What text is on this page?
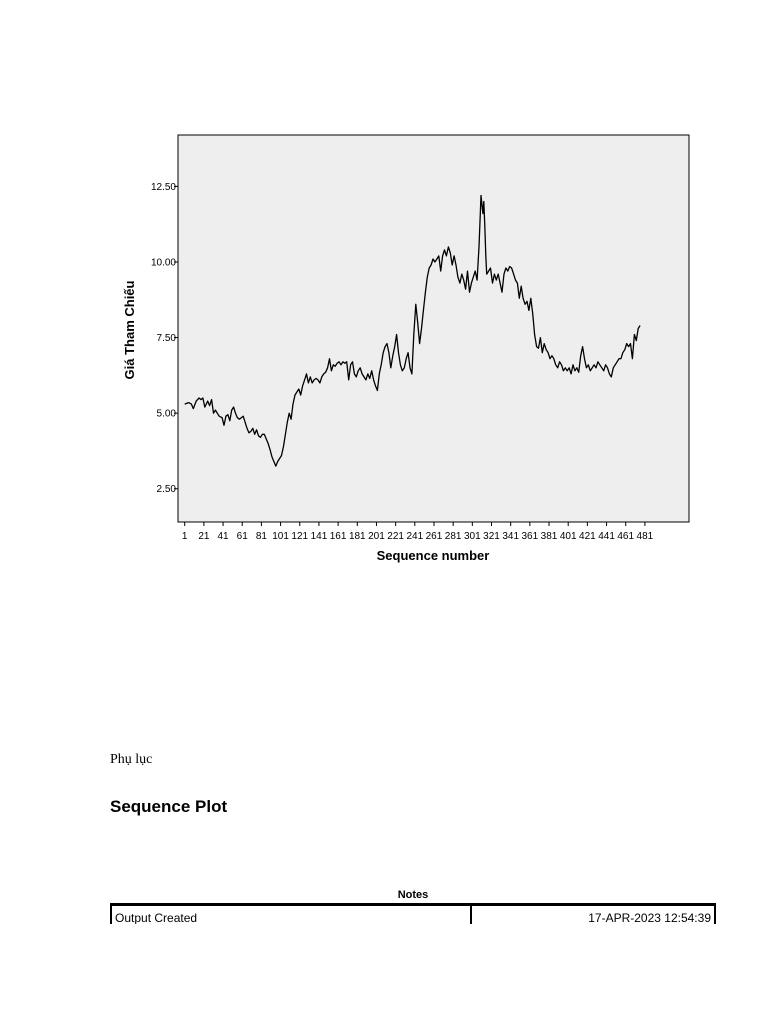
2.50
5.00
7.50
10.00
12.50
1 21 41 61 81 101 121 141 161 181 201 221 241 261 281 301 321 341 361 381 401 421 441 461 481
Sequence number
Giá Tham Chiếu
Phụ lục
Sequence Plot
Notes
Output Created	17-APR-2023 12:54:39
